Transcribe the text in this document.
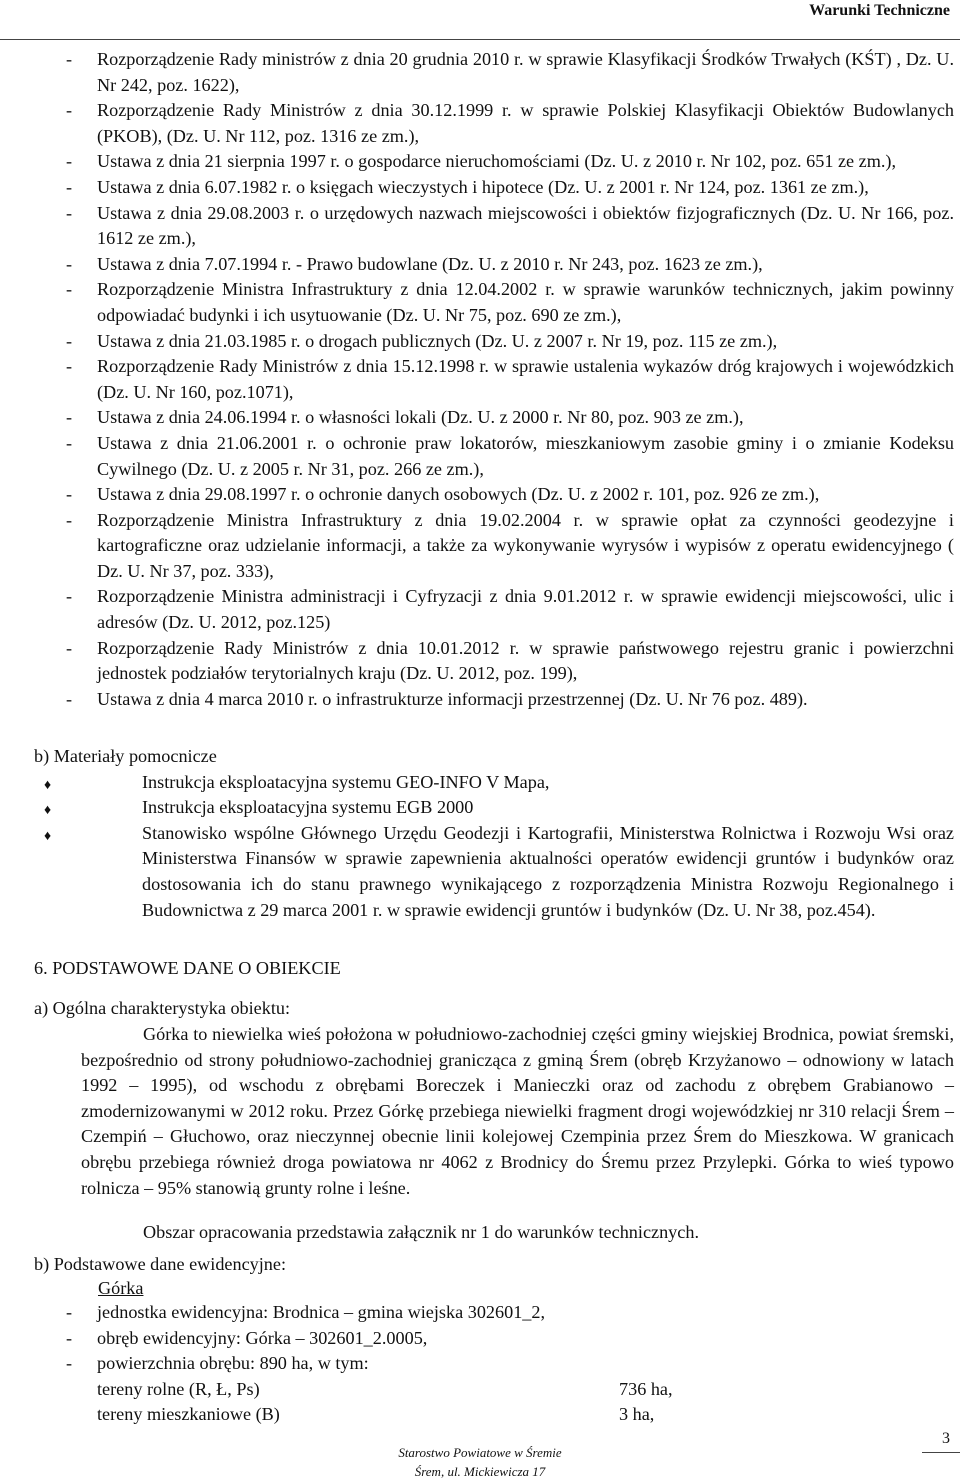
Warunki Techniczne
- Rozporządzenie Rady ministrów z dnia 20 grudnia 2010 r. w sprawie Klasyfikacji Środków Trwałych (KŚT) , Dz. U. Nr 242, poz. 1622),
- Rozporządzenie Rady Ministrów z dnia 30.12.1999 r. w sprawie Polskiej Klasyfikacji Obiektów Budowlanych (PKOB), (Dz. U. Nr 112, poz. 1316 ze zm.),
- Ustawa z dnia 21 sierpnia 1997 r. o gospodarce nieruchomościami (Dz. U. z 2010 r. Nr 102, poz. 651 ze zm.),
- Ustawa z dnia 6.07.1982 r. o księgach wieczystych i hipotece (Dz. U. z 2001 r. Nr 124, poz. 1361 ze zm.),
- Ustawa z dnia 29.08.2003 r. o urzędowych nazwach miejscowości i obiektów fizjograficznych (Dz. U. Nr 166, poz. 1612 ze zm.),
- Ustawa z dnia 7.07.1994 r. - Prawo budowlane (Dz. U. z 2010 r. Nr 243, poz. 1623 ze zm.),
- Rozporządzenie Ministra Infrastruktury z dnia 12.04.2002 r. w sprawie warunków technicznych, jakim powinny odpowiadać budynki i ich usytuowanie (Dz. U. Nr 75, poz. 690 ze zm.),
- Ustawa z dnia 21.03.1985 r. o drogach publicznych (Dz. U. z 2007 r. Nr 19, poz. 115 ze zm.),
- Rozporządzenie Rady Ministrów z dnia 15.12.1998 r. w sprawie ustalenia wykazów dróg krajowych i wojewódzkich (Dz. U. Nr 160, poz.1071),
- Ustawa z dnia 24.06.1994 r. o własności lokali (Dz. U. z 2000 r. Nr 80, poz. 903 ze zm.),
- Ustawa z dnia 21.06.2001 r. o ochronie praw lokatorów, mieszkaniowym zasobie gminy i o zmianie Kodeksu Cywilnego (Dz. U. z 2005 r. Nr 31, poz. 266 ze zm.),
- Ustawa z dnia 29.08.1997 r. o ochronie danych osobowych (Dz. U. z 2002 r. 101, poz. 926 ze zm.),
- Rozporządzenie Ministra Infrastruktury z dnia 19.02.2004 r. w sprawie opłat za czynności geodezyjne i kartograficzne oraz udzielanie informacji, a także za wykonywanie wyrysów i wypisów z operatu ewidencyjnego ( Dz. U. Nr 37, poz. 333),
- Rozporządzenie Ministra administracji i Cyfryzacji z dnia 9.01.2012 r. w sprawie ewidencji miejscowości, ulic i adresów (Dz. U. 2012, poz.125)
- Rozporządzenie Rady Ministrów z dnia 10.01.2012 r. w sprawie państwowego rejestru granic i powierzchni jednostek podziałów terytorialnych kraju (Dz. U. 2012, poz. 199),
- Ustawa z dnia 4 marca 2010 r. o infrastrukturze informacji przestrzennej (Dz. U. Nr 76 poz. 489).
b) Materiały pomocnicze
♦	Instrukcja eksploatacyjna systemu GEO-INFO V Mapa,
♦	Instrukcja eksploatacyjna systemu EGB 2000
♦	Stanowisko wspólne Głównego Urzędu Geodezji i Kartografii, Ministerstwa Rolnictwa i Rozwoju Wsi oraz Ministerstwa Finansów w sprawie zapewnienia aktualności operatów ewidencji gruntów i budynków oraz dostosowania ich do stanu prawnego wynikającego z rozporządzenia Ministra Rozwoju Regionalnego i Budownictwa z 29 marca 2001 r. w sprawie ewidencji gruntów i budynków (Dz. U. Nr 38, poz.454).
6. PODSTAWOWE DANE O OBIEKCIE
a) Ogólna charakterystyka obiektu:
Górka to niewielka wieś położona w południowo-zachodniej części gminy wiejskiej Brodnica, powiat śremski, bezpośrednio od strony południowo-zachodniej granicząca z gminą Śrem (obręb Krzyżanowo – odnowiony w latach 1992 – 1995), od wschodu z obrębami Boreczek i Manieczki oraz od zachodu z obrębem Grabianowo – zmodernizowanymi w 2012 roku. Przez Górkę przebiega niewielki fragment drogi wojewódzkiej nr 310 relacji Śrem – Czempiń – Głuchowo, oraz nieczynnej obecnie linii kolejowej Czempinia przez Śrem do Mieszkowa. W granicach obrębu przebiega również droga powiatowa nr 4062 z Brodnicy do Śremu przez Przylepki. Górka to wieś typowo rolnicza – 95% stanowią grunty rolne i leśne.
Obszar opracowania przedstawia załącznik nr 1 do warunków technicznych.
b) Podstawowe dane ewidencyjne:
Górka
- jednostka ewidencyjna: Brodnica – gmina wiejska 302601_2,
- obręb ewidencyjny: Górka – 302601_2.0005,
- powierzchnia obrębu: 890 ha, w tym:
tereny rolne (R, Ł, Ps)	736 ha,
tereny mieszkaniowe (B)	3 ha,
3
Starostwo Powiatowe w Śremie
Śrem, ul. Mickiewicza 17
